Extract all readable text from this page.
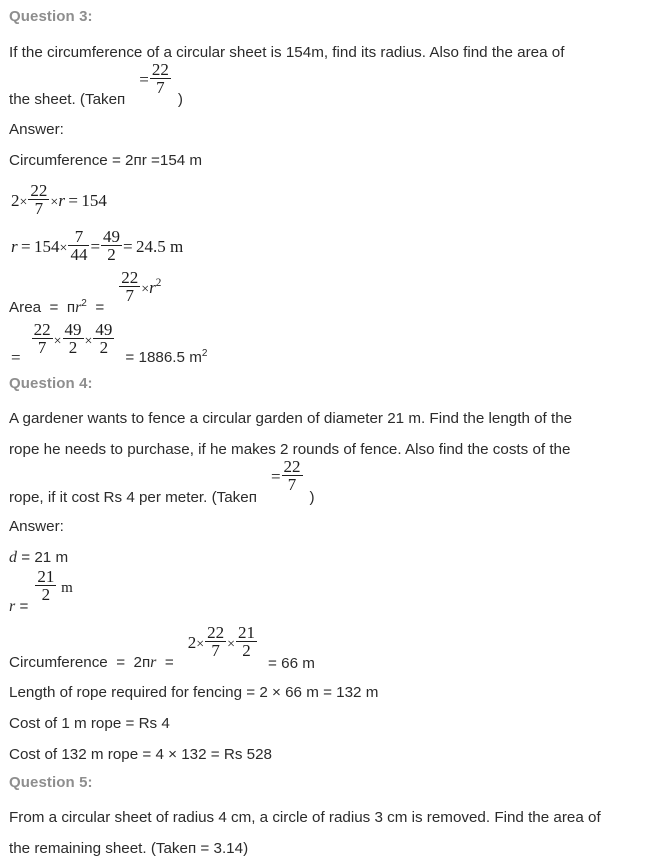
Question 3:

If the circumference of a circular sheet is 154m, find its radius. Also find the area of

the sheet. (Takeп
= $\frac{22}{7}$
)

Answer:

Circumference = 2пr =154 m

$2\times \frac{22}{7} \times r = 154$
$r = 154\times \frac{7}{44} = \frac{49}{2} = 24.5$ m
Area  =  $пr^2$  =
$\frac{22}{7} \times r^2$
=
$\frac{22}{7} \times \frac{49}{2} \times \frac{49}{2}$
= 1886.5 $m^2$
Question 4:

A gardener wants to fence a circular garden of diameter 21 m. Find the length of the

rope he needs to purchase, if he makes 2 rounds of fence. Also find the costs of the

rope, if it cost Rs 4 per meter. (Takeп
= $\frac{22}{7}$
)

Answer:

d = 21 m

r =
$\frac{21}{2}$ m
Circumference  =  2пr  =
$2\times \frac{22}{7} \times \frac{21}{2}$
= 66 m

Length of rope required for fencing = 2 × 66 m = 132 m

Cost of 1 m rope = Rs 4

Cost of 132 m rope = 4 × 132 = Rs 528

Question 5:

From a circular sheet of radius 4 cm, a circle of radius 3 cm is removed. Find the area of

the remaining sheet. (Takeп = 3.14)
